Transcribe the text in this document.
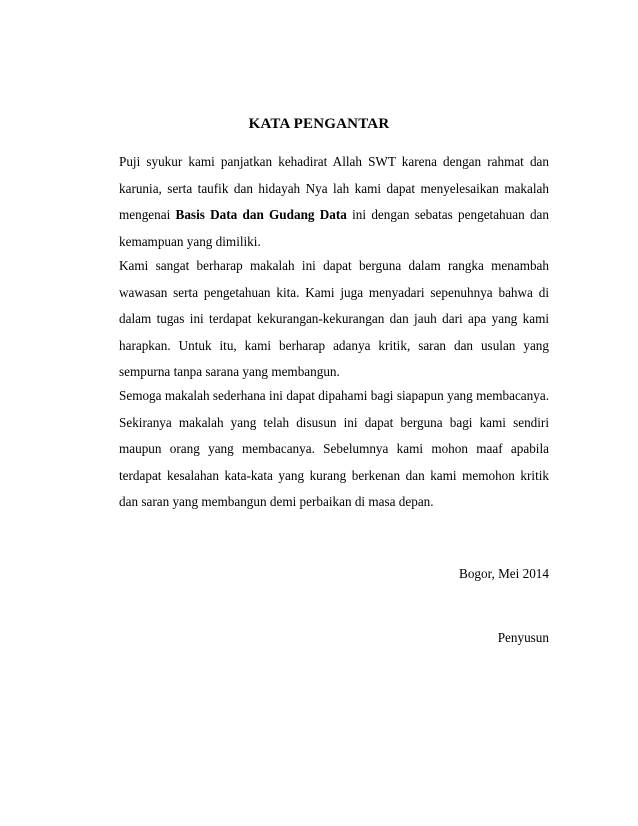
KATA PENGANTAR

Puji syukur kami panjatkan kehadirat Allah SWT karena dengan rahmat dan karunia, serta taufik dan hidayah Nya lah kami dapat menyelesaikan makalah mengenai Basis Data dan Gudang Data ini dengan sebatas pengetahuan dan kemampuan yang dimiliki.

Kami sangat berharap makalah ini dapat berguna dalam rangka menambah wawasan serta pengetahuan kita. Kami juga menyadari sepenuhnya bahwa di dalam tugas ini terdapat kekurangan-kekurangan dan jauh dari apa yang kami harapkan. Untuk itu, kami berharap adanya kritik, saran dan usulan yang sempurna tanpa sarana yang membangun.

Semoga makalah sederhana ini dapat dipahami bagi siapapun yang membacanya. Sekiranya makalah yang telah disusun ini dapat berguna bagi kami sendiri maupun orang yang membacanya. Sebelumnya kami mohon maaf apabila terdapat kesalahan kata-kata yang kurang berkenan dan kami memohon kritik dan saran yang membangun demi perbaikan di masa depan.

Bogor, Mei 2014
Penyusun
